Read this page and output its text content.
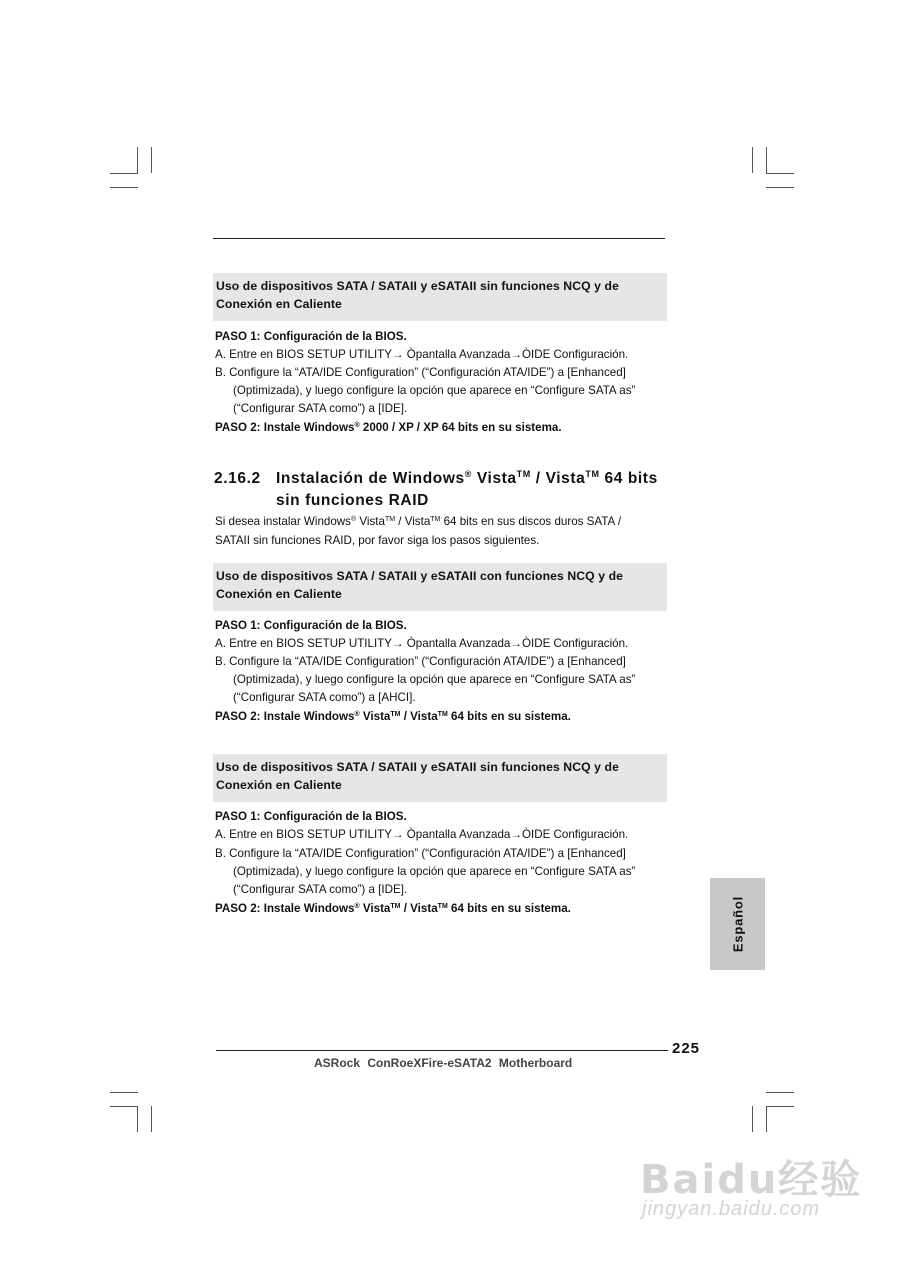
Uso de dispositivos SATA / SATAII y eSATAII sin funciones NCQ y de
Conexión en Caliente
PASO 1: Configuración de la BIOS.
A. Entre en BIOS SETUP UTILITY→ Òpantalla Avanzada→ÒIDE Configuración.
B. Configure la “ATA/IDE Configuration” (“Configuración ATA/IDE”) a [Enhanced]
(Optimizada), y luego configure la opción que aparece en “Configure SATA as”
(“Configurar SATA como”) a [IDE].
PASO 2: Instale Windows® 2000 / XP / XP 64 bits en su sistema.
2.16.2 Instalación de Windows® Vista™ / Vista™ 64 bits
sin funciones RAID
Si desea instalar Windows® Vista™ / Vista™ 64 bits en sus discos duros SATA /
SATAII sin funciones RAID, por favor siga los pasos siguientes.
Uso de dispositivos SATA / SATAII y eSATAII con funciones NCQ y de
Conexión en Caliente
PASO 1: Configuración de la BIOS.
A. Entre en BIOS SETUP UTILITY→ Òpantalla Avanzada→ÒIDE Configuración.
B. Configure la “ATA/IDE Configuration” (“Configuración ATA/IDE”) a [Enhanced]
(Optimizada), y luego configure la opción que aparece en “Configure SATA as”
(“Configurar SATA como”) a [AHCI].
PASO 2: Instale Windows® Vista™ / Vista™ 64 bits en su sistema.
Uso de dispositivos SATA / SATAII y eSATAII sin funciones NCQ y de
Conexión en Caliente
PASO 1: Configuración de la BIOS.
A. Entre en BIOS SETUP UTILITY→ Òpantalla Avanzada→ÒIDE Configuración.
B. Configure la “ATA/IDE Configuration” (“Configuración ATA/IDE”) a [Enhanced]
(Optimizada), y luego configure la opción que aparece en “Configure SATA as”
(“Configurar SATA como”) a [IDE].
PASO 2: Instale Windows® Vista™ / Vista™ 64 bits en su sistema.	Español
225
ASRock ConRoeXFire-eSATA2 Motherboard
Baidu经验
jingyan.baidu.com
